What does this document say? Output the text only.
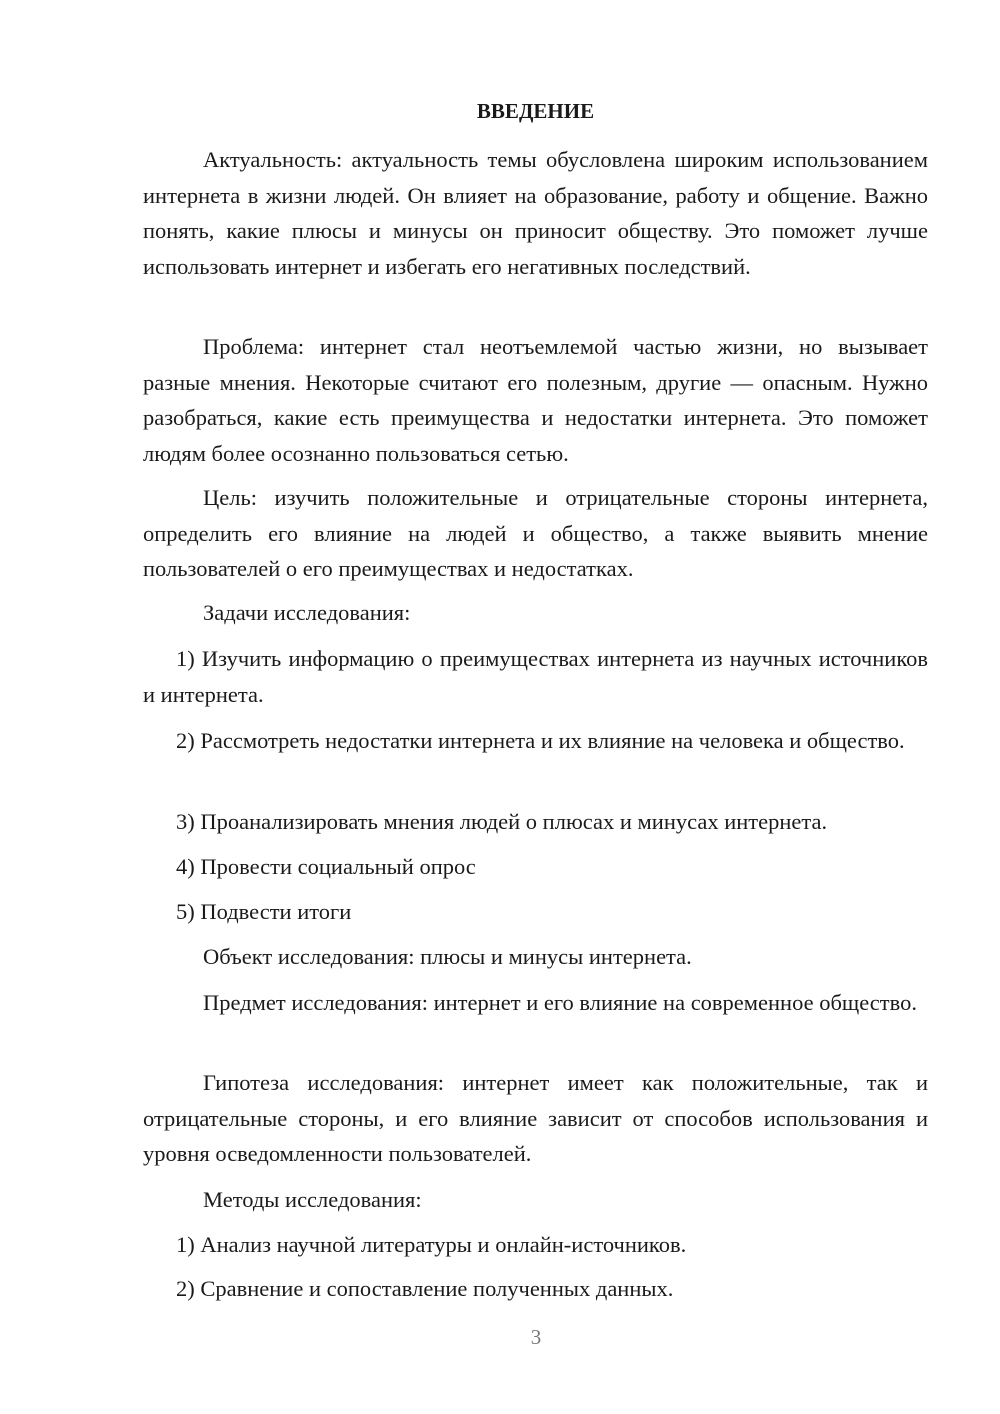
ВВЕДЕНИЕ

Актуальность: актуальность темы обусловлена широким использованием интернета в жизни людей. Он влияет на образование, работу и общение. Важно понять, какие плюсы и минусы он приносит обществу. Это поможет лучше использовать интернет и избегать его негативных последствий.

Проблема: интернет стал неотъемлемой частью жизни, но вызывает разные мнения. Некоторые считают его полезным, другие — опасным. Нужно разобраться, какие есть преимущества и недостатки интернета. Это поможет людям более осознанно пользоваться сетью.

Цель: изучить положительные и отрицательные стороны интернета, определить его влияние на людей и общество, а также выявить мнение пользователей о его преимуществах и недостатках.

Задачи исследования:

1) Изучить информацию о преимуществах интернета из научных источников и интернета.

2) Рассмотреть недостатки интернета и их влияние на человека и общество.

3) Проанализировать мнения людей о плюсах и минусах интернета.

4) Провести социальный опрос

5) Подвести итоги

Объект исследования: плюсы и минусы интернета.

Предмет исследования: интернет и его влияние на современное общество.

Гипотеза исследования: интернет имеет как положительные, так и отрицательные стороны, и его влияние зависит от способов использования и уровня осведомленности пользователей.

Методы исследования:

1) Анализ научной литературы и онлайн-источников.

2) Сравнение и сопоставление полученных данных.

3
